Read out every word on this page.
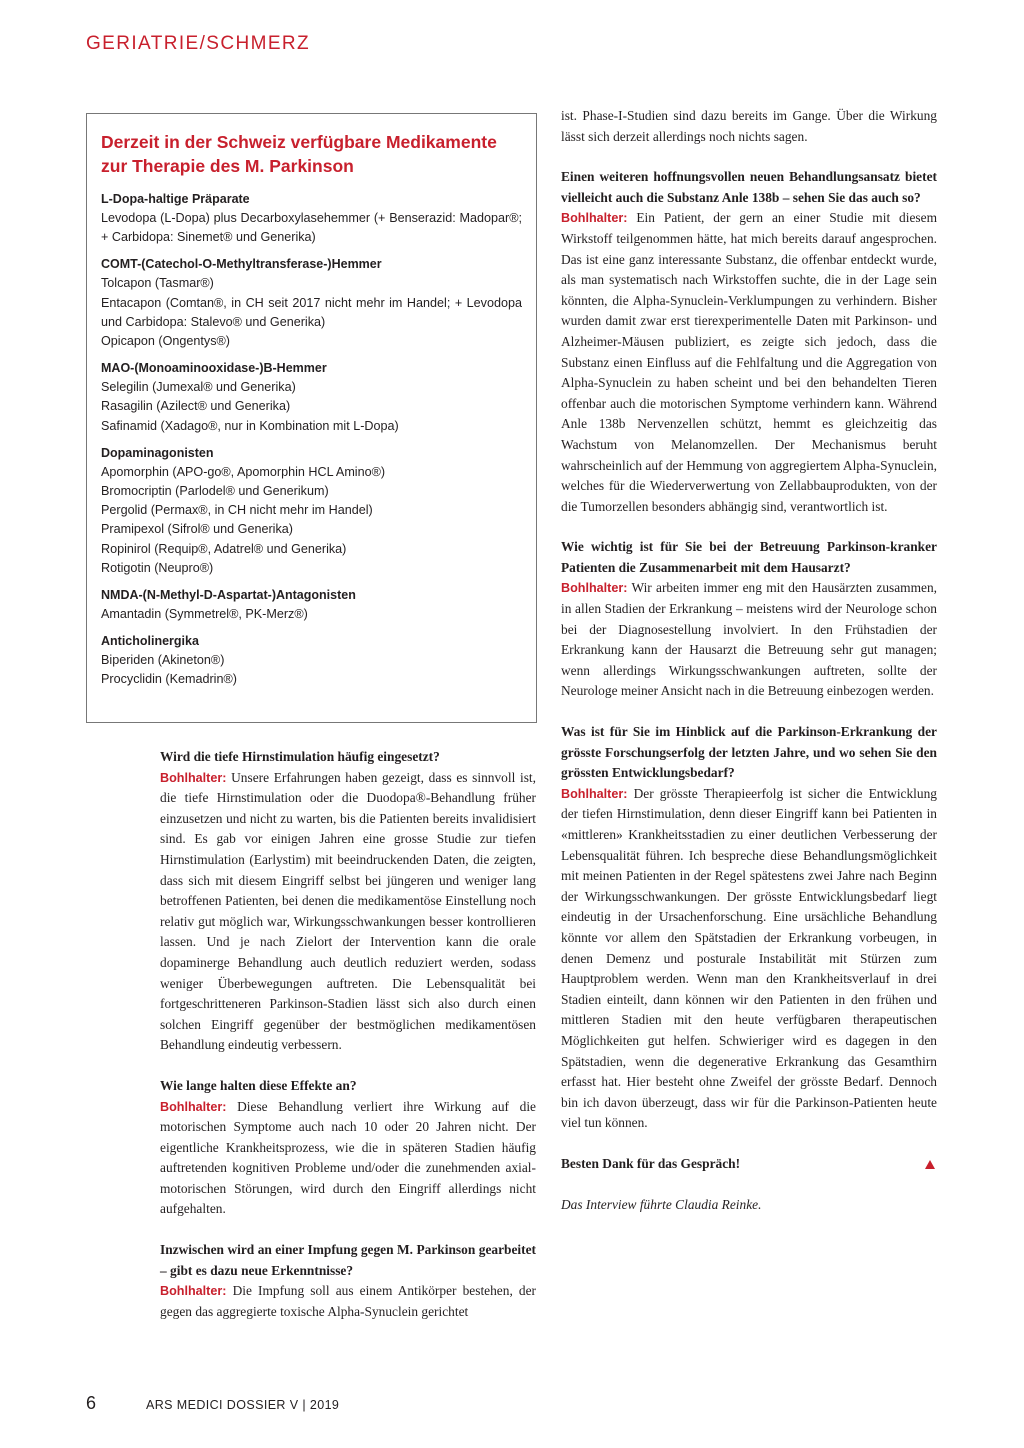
GERIATRIE/SCHMERZ
Derzeit in der Schweiz verfügbare Medikamente zur Therapie des M. Parkinson
L-Dopa-haltige Präparate
Levodopa (L-Dopa) plus Decarboxylasehemmer (+ Benserazid: Madopar®; + Carbidopa: Sinemet® und Generika)
COMT-(Catechol-O-Methyltransferase-)Hemmer
Tolcapon (Tasmar®)
Entacapon (Comtan®, in CH seit 2017 nicht mehr im Handel; + Levodopa und Carbidopa: Stalevo® und Generika)
Opicapon (Ongentys®)
MAO-(Monoaminooxidase-)B-Hemmer
Selegilin (Jumexal® und Generika)
Rasagilin (Azilect® und Generika)
Safinamid (Xadago®, nur in Kombination mit L-Dopa)
Dopaminagonisten
Apomorphin (APO-go®, Apomorphin HCL Amino®)
Bromocriptin (Parlodel® und Generikum)
Pergolid (Permax®, in CH nicht mehr im Handel)
Pramipexol (Sifrol® und Generika)
Ropinirol (Requip®, Adatrel® und Generika)
Rotigotin (Neupro®)
NMDA-(N-Methyl-D-Aspartat-)Antagonisten
Amantadin (Symmetrel®, PK-Merz®)
Anticholinergika
Biperiden (Akineton®)
Procyclidin (Kemadrin®)

Wird die tiefe Hirnstimulation häufig eingesetzt?

Bohlhalter: Unsere Erfahrungen haben gezeigt, dass es sinnvoll ist, die tiefe Hirnstimulation oder die Duodopa®-Behandlung früher einzusetzen und nicht zu warten, bis die Patienten bereits invalidisiert sind. Es gab vor einigen Jahren eine grosse Studie zur tiefen Hirnstimulation (Earlystim) mit beeindruckenden Daten, die zeigten, dass sich mit diesem Eingriff selbst bei jüngeren und weniger lang betroffenen Patienten, bei denen die medikamentöse Einstellung noch relativ gut möglich war, Wirkungsschwankungen besser kontrollieren lassen. Und je nach Zielort der Intervention kann die orale dopaminerge Behandlung auch deutlich reduziert werden, sodass weniger Überbewegungen auftreten. Die Lebensqualität bei fortgeschritteneren Parkinson-Stadien lässt sich also durch einen solchen Eingriff gegenüber der bestmöglichen medikamentösen Behandlung eindeutig verbessern.

Wie lange halten diese Effekte an?

Bohlhalter: Diese Behandlung verliert ihre Wirkung auf die motorischen Symptome auch nach 10 oder 20 Jahren nicht. Der eigentliche Krankheitsprozess, wie die in späteren Stadien häufig auftretenden kognitiven Probleme und/oder die zunehmenden axial-motorischen Störungen, wird durch den Eingriff allerdings nicht aufgehalten.

Inzwischen wird an einer Impfung gegen M. Parkinson gearbeitet – gibt es dazu neue Erkenntnisse?

Bohlhalter: Die Impfung soll aus einem Antikörper bestehen, der gegen das aggregierte toxische Alpha-Synuclein gerichtet

ist. Phase-I-Studien sind dazu bereits im Gange. Über die Wirkung lässt sich derzeit allerdings noch nichts sagen.

Einen weiteren hoffnungsvollen neuen Behandlungsansatz bietet vielleicht auch die Substanz Anle 138b – sehen Sie das auch so?

Bohlhalter: Ein Patient, der gern an einer Studie mit diesem Wirkstoff teilgenommen hätte, hat mich bereits darauf angesprochen. Das ist eine ganz interessante Substanz, die offenbar entdeckt wurde, als man systematisch nach Wirkstoffen suchte, die in der Lage sein könnten, die Alpha-Synuclein-Verklumpungen zu verhindern. Bisher wurden damit zwar erst tierexperimentelle Daten mit Parkinson- und Alzheimer-Mäusen publiziert, es zeigte sich jedoch, dass die Substanz einen Einfluss auf die Fehlfaltung und die Aggregation von Alpha-Synuclein zu haben scheint und bei den behandelten Tieren offenbar auch die motorischen Symptome verhindern kann. Während Anle 138b Nervenzellen schützt, hemmt es gleichzeitig das Wachstum von Melanomzellen. Der Mechanismus beruht wahrscheinlich auf der Hemmung von aggregiertem Alpha-Synuclein, welches für die Wiederverwertung von Zellabbauprodukten, von der die Tumorzellen besonders abhängig sind, verantwortlich ist.

Wie wichtig ist für Sie bei der Betreuung Parkinson-kranker Patienten die Zusammenarbeit mit dem Hausarzt?

Bohlhalter: Wir arbeiten immer eng mit den Hausärzten zusammen, in allen Stadien der Erkrankung – meistens wird der Neurologe schon bei der Diagnosestellung involviert. In den Frühstadien der Erkrankung kann der Hausarzt die Betreuung sehr gut managen; wenn allerdings Wirkungsschwankungen auftreten, sollte der Neurologe meiner Ansicht nach in die Betreuung einbezogen werden.

Was ist für Sie im Hinblick auf die Parkinson-Erkrankung der grösste Forschungserfolg der letzten Jahre, und wo sehen Sie den grössten Entwicklungsbedarf?

Bohlhalter: Der grösste Therapieerfolg ist sicher die Entwicklung der tiefen Hirnstimulation, denn dieser Eingriff kann bei Patienten in «mittleren» Krankheitsstadien zu einer deutlichen Verbesserung der Lebensqualität führen. Ich bespreche diese Behandlungsmöglichkeit mit meinen Patienten in der Regel spätestens zwei Jahre nach Beginn der Wirkungsschwankungen. Der grösste Entwicklungsbedarf liegt eindeutig in der Ursachenforschung. Eine ursächliche Behandlung könnte vor allem den Spätstadien der Erkrankung vorbeugen, in denen Demenz und posturale Instabilität mit Stürzen zum Hauptproblem werden. Wenn man den Krankheitsverlauf in drei Stadien einteilt, dann können wir den Patienten in den frühen und mittleren Stadien mit den heute verfügbaren therapeutischen Möglichkeiten gut helfen. Schwieriger wird es dagegen in den Spätstadien, wenn die degenerative Erkrankung das Gesamthirn erfasst hat. Hier besteht ohne Zweifel der grösste Bedarf. Dennoch bin ich davon überzeugt, dass wir für die Parkinson-Patienten heute viel tun können.

Besten Dank für das Gespräch!

Das Interview führte Claudia Reinke.

6	ARS MEDICI DOSSIER V | 2019
